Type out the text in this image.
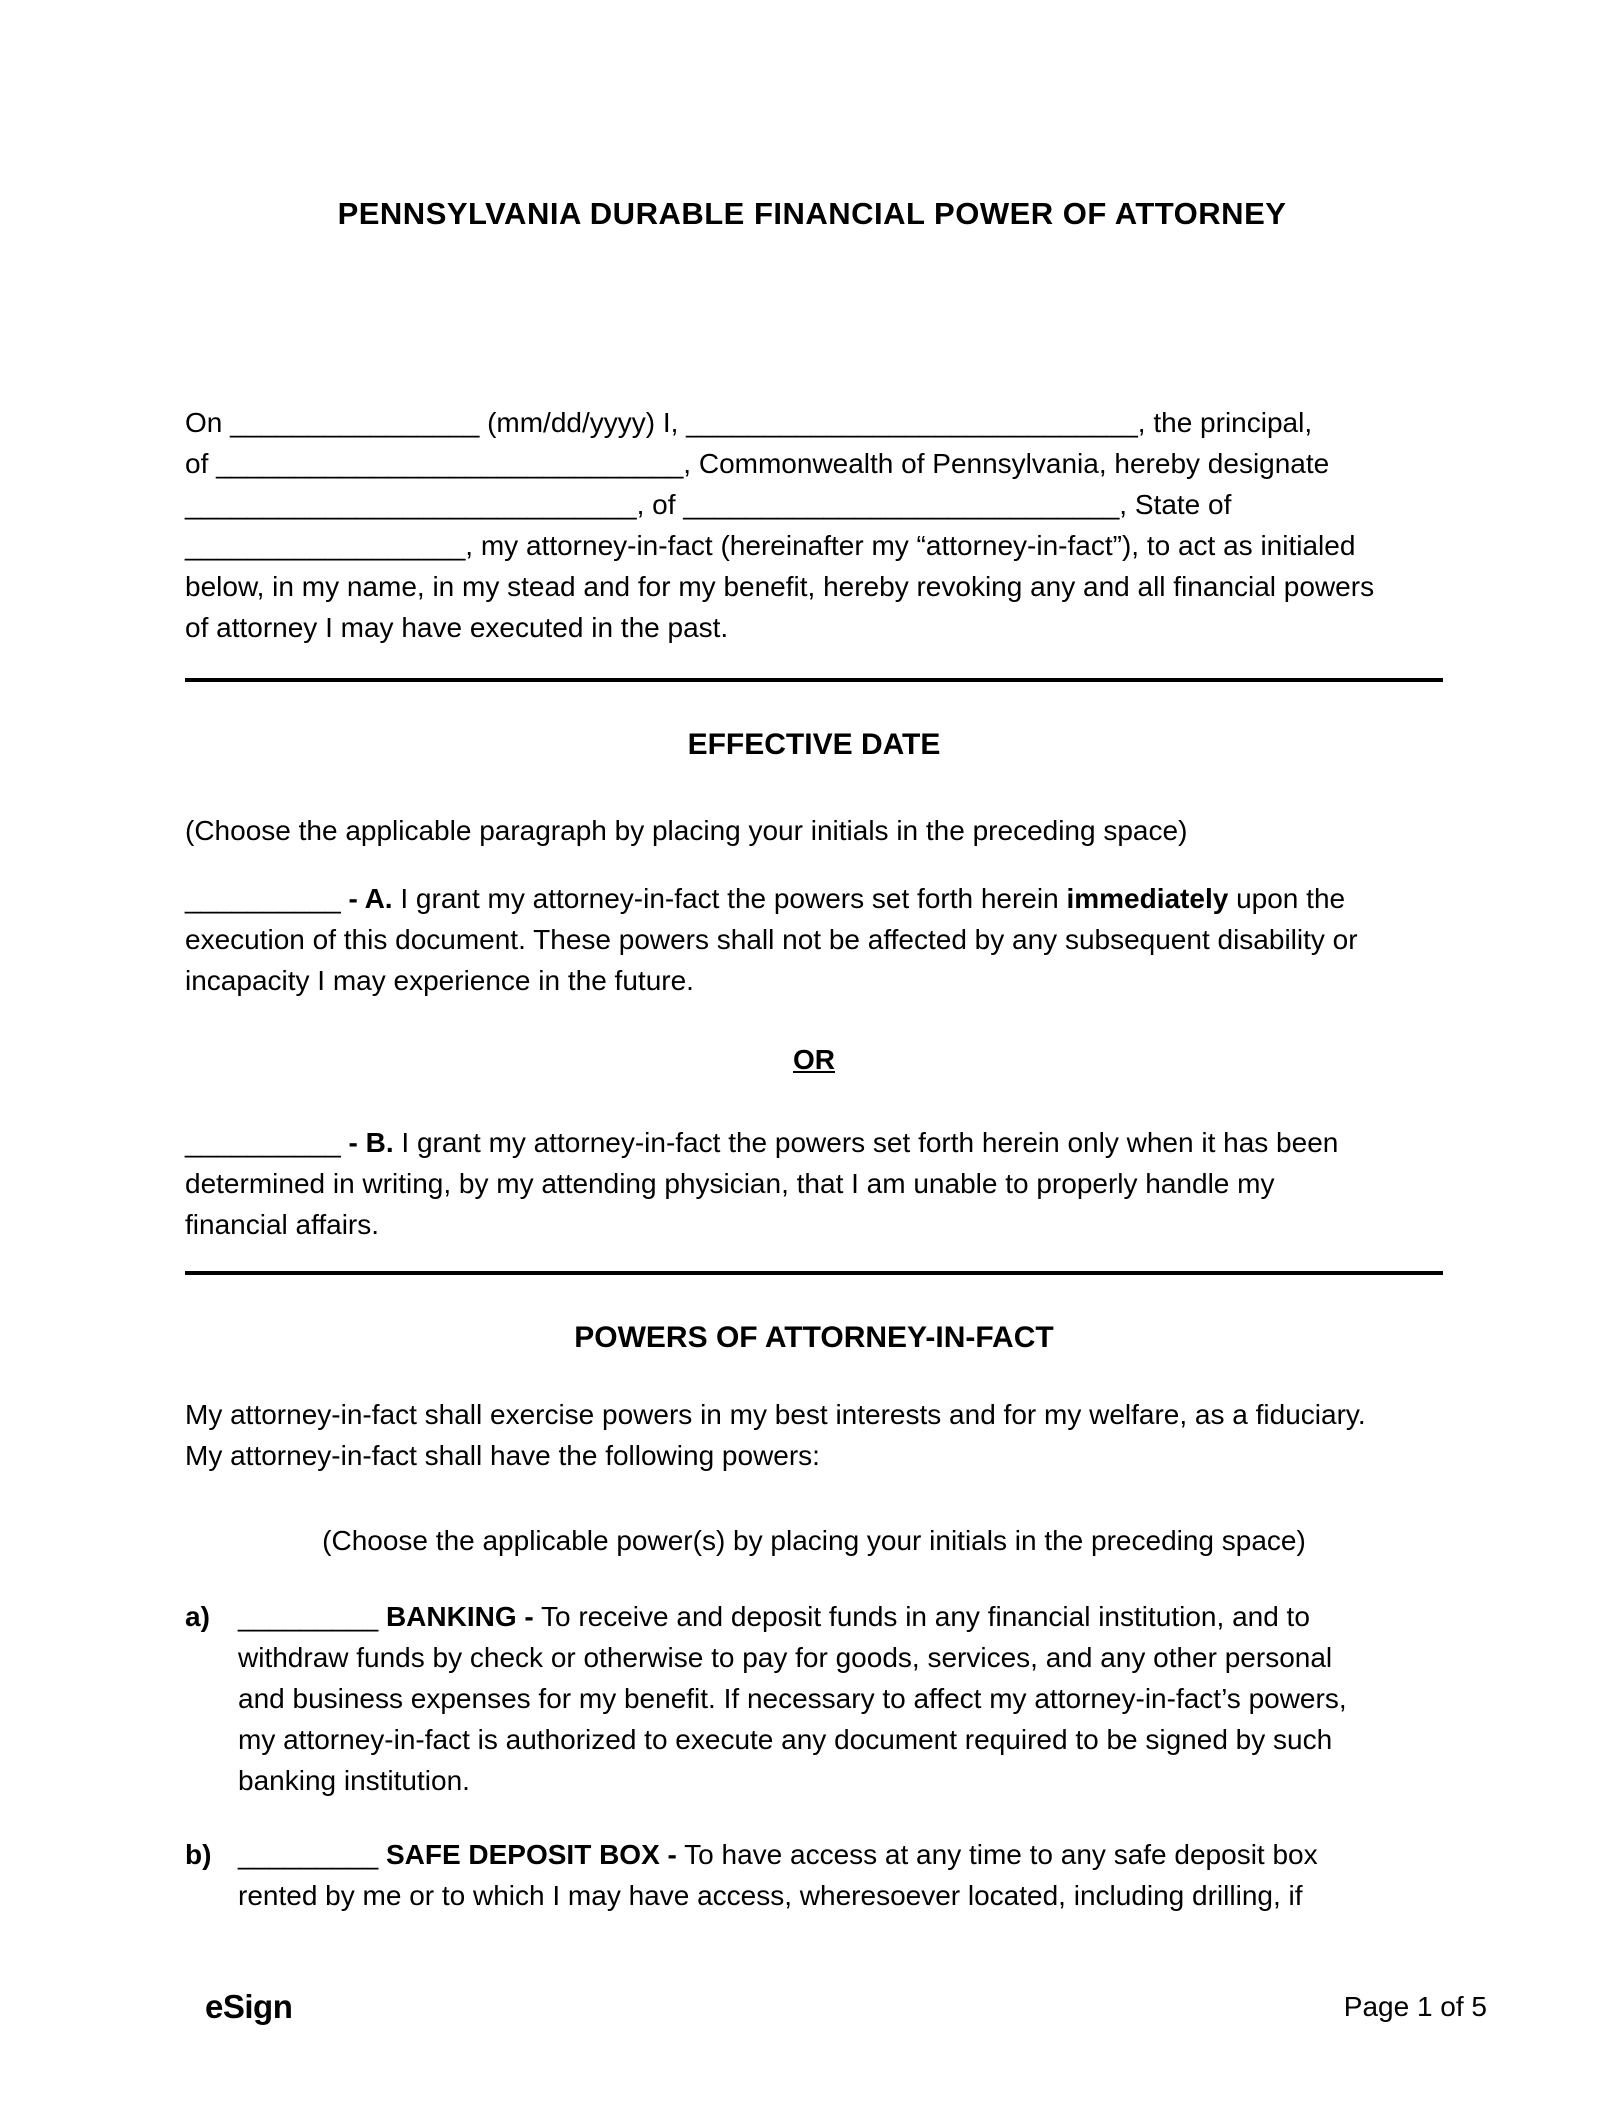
PENNSYLVANIA DURABLE FINANCIAL POWER OF ATTORNEY
On ________________ (mm/dd/yyyy) I, _____________________________, the principal,
of ______________________________, Commonwealth of Pennsylvania, hereby designate
_____________________________, of ____________________________, State of
__________________, my attorney-in-fact (hereinafter my “attorney-in-fact”), to act as initialed
below, in my name, in my stead and for my benefit, hereby revoking any and all financial powers
of attorney I may have executed in the past.
EFFECTIVE DATE
(Choose the applicable paragraph by placing your initials in the preceding space)
__________ - A. I grant my attorney-in-fact the powers set forth herein immediately upon the
execution of this document. These powers shall not be affected by any subsequent disability or
incapacity I may experience in the future.
OR
__________ - B. I grant my attorney-in-fact the powers set forth herein only when it has been
determined in writing, by my attending physician, that I am unable to properly handle my
financial affairs.
POWERS OF ATTORNEY-IN-FACT
My attorney-in-fact shall exercise powers in my best interests and for my welfare, as a fiduciary.
My attorney-in-fact shall have the following powers:
(Choose the applicable power(s) by placing your initials in the preceding space)
a) _________ BANKING - To receive and deposit funds in any financial institution, and to
withdraw funds by check or otherwise to pay for goods, services, and any other personal
and business expenses for my benefit. If necessary to affect my attorney-in-fact’s powers,
my attorney-in-fact is authorized to execute any document required to be signed by such
banking institution.
b) _________ SAFE DEPOSIT BOX - To have access at any time to any safe deposit box
rented by me or to which I may have access, wheresoever located, including drilling, if
eSign	Page 1 of 5
